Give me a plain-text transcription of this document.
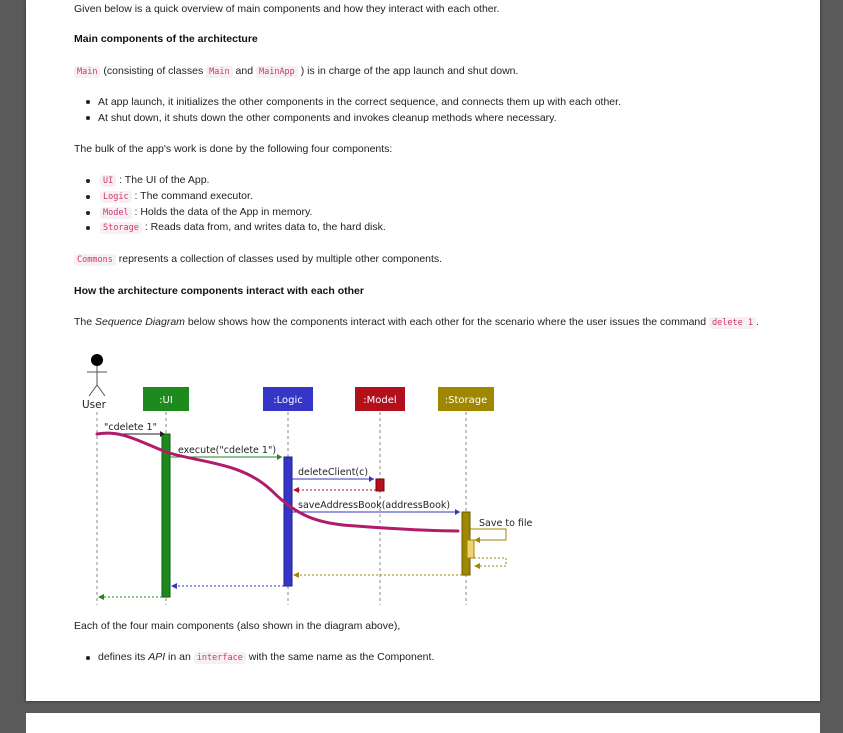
Given below is a quick overview of main components and how they interact with each other.
Main components of the architecture
Main (consisting of classes Main and MainApp ) is in charge of the app launch and shut down.
At app launch, it initializes the other components in the correct sequence, and connects them up with each other.
At shut down, it shuts down the other components and invokes cleanup methods where necessary.
The bulk of the app's work is done by the following four components:
UI : The UI of the App.
Logic : The command executor.
Model : Holds the data of the App in memory.
Storage : Reads data from, and writes data to, the hard disk.
Commons represents a collection of classes used by multiple other components.
How the architecture components interact with each other
The Sequence Diagram below shows how the components interact with each other for the scenario where the user issues the command delete 1 .
User	:UI	:Logic	:Model	:Storage
"cdelete 1"
execute("cdelete 1")
deleteClient(c)
saveAddressBook(addressBook)
Save to file
Each of the four main components (also shown in the diagram above),
defines its API in an interface with the same name as the Component.
